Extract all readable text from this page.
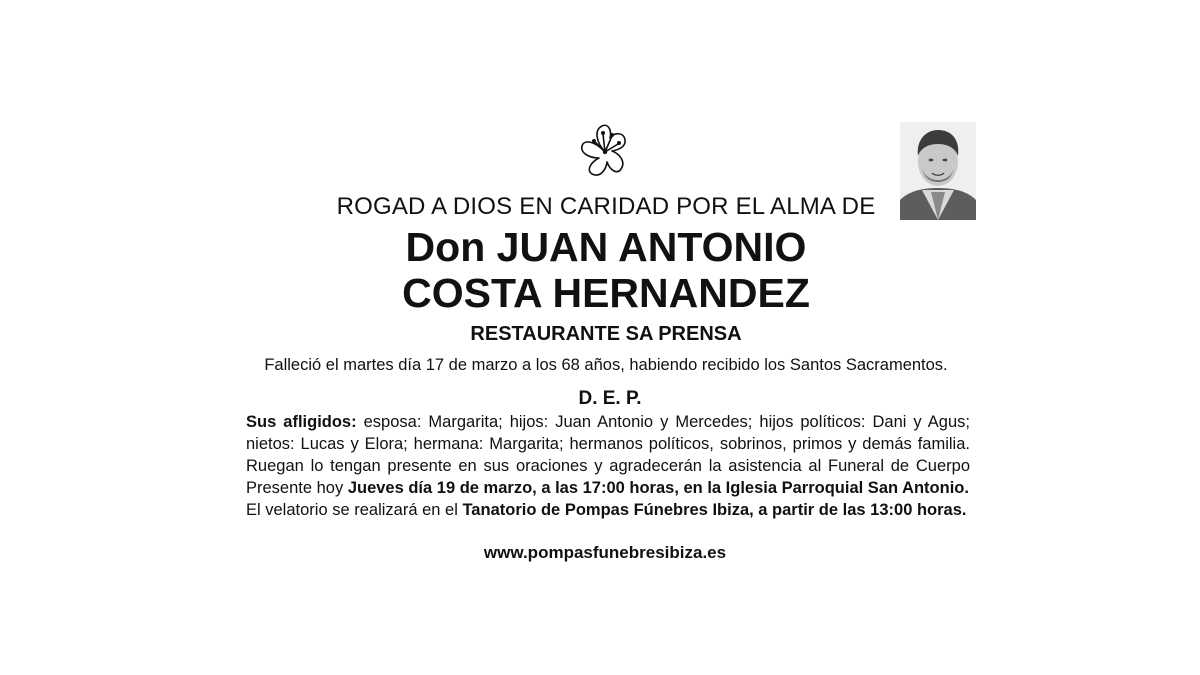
ROGAD A DIOS EN CARIDAD POR EL ALMA DE
Don JUAN ANTONIO
COSTA HERNANDEZ
RESTAURANTE SA PRENSA
Falleció el martes día 17 de marzo a los 68 años, habiendo recibido los Santos Sacramentos.
D. E. P.

Sus afligidos: esposa: Margarita; hijos: Juan Antonio y Mercedes; hijos políticos: Dani y Agus; nietos: Lucas y Elora; hermana: Margarita; hermanos políticos, sobrinos, primos y demás familia. Ruegan lo tengan presente en sus oraciones y agradecerán la asistencia al Funeral de Cuerpo Presente hoy Jueves día 19 de marzo, a las 17:00 horas, en la Iglesia Parroquial San Antonio.

El velatorio se realizará en el Tanatorio de Pompas Fúnebres Ibiza, a partir de las 13:00 horas.

www.pompasfunebresibiza.es
